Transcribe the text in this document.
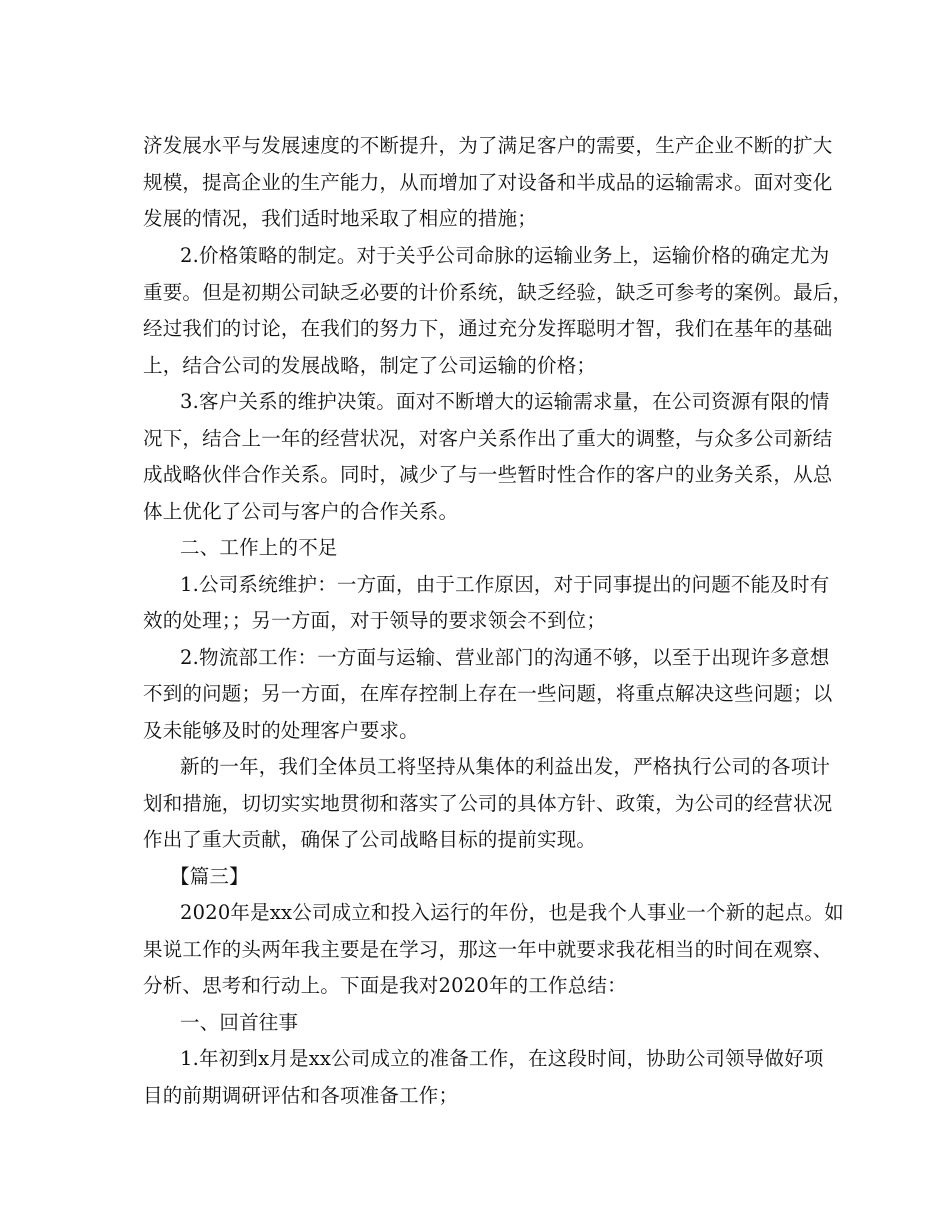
济发展水平与发展速度的不断提升，为了满足客户的需要，生产企业不断的扩大
规模，提高企业的生产能力，从而增加了对设备和半成品的运输需求。面对变化
发展的情况，我们适时地采取了相应的措施；
2.价格策略的制定。对于关乎公司命脉的运输业务上，运输价格的确定尤为
重要。但是初期公司缺乏必要的计价系统，缺乏经验，缺乏可参考的案例。最后，
经过我们的讨论，在我们的努力下，通过充分发挥聪明才智，我们在基年的基础
上，结合公司的发展战略，制定了公司运输的价格；
3.客户关系的维护决策。面对不断增大的运输需求量，在公司资源有限的情
况下，结合上一年的经营状况，对客户关系作出了重大的调整，与众多公司新结
成战略伙伴合作关系。同时，减少了与一些暂时性合作的客户的业务关系，从总
体上优化了公司与客户的合作关系。
二、工作上的不足
1.公司系统维护：一方面，由于工作原因，对于同事提出的问题不能及时有
效的处理；；另一方面，对于领导的要求领会不到位；
2.物流部工作：一方面与运输、营业部门的沟通不够，以至于出现许多意想
不到的问题；另一方面，在库存控制上存在一些问题，将重点解决这些问题；以
及未能够及时的处理客户要求。
新的一年，我们全体员工将坚持从集体的利益出发，严格执行公司的各项计
划和措施，切切实实地贯彻和落实了公司的具体方针、政策，为公司的经营状况
作出了重大贡献，确保了公司战略目标的提前实现。
【篇三】
2020年是xx公司成立和投入运行的年份，也是我个人事业一个新的起点。如
果说工作的头两年我主要是在学习，那这一年中就要求我花相当的时间在观察、
分析、思考和行动上。下面是我对2020年的工作总结：
一、回首往事
1.年初到x月是xx公司成立的准备工作，在这段时间，协助公司领导做好项
目的前期调研评估和各项准备工作；
